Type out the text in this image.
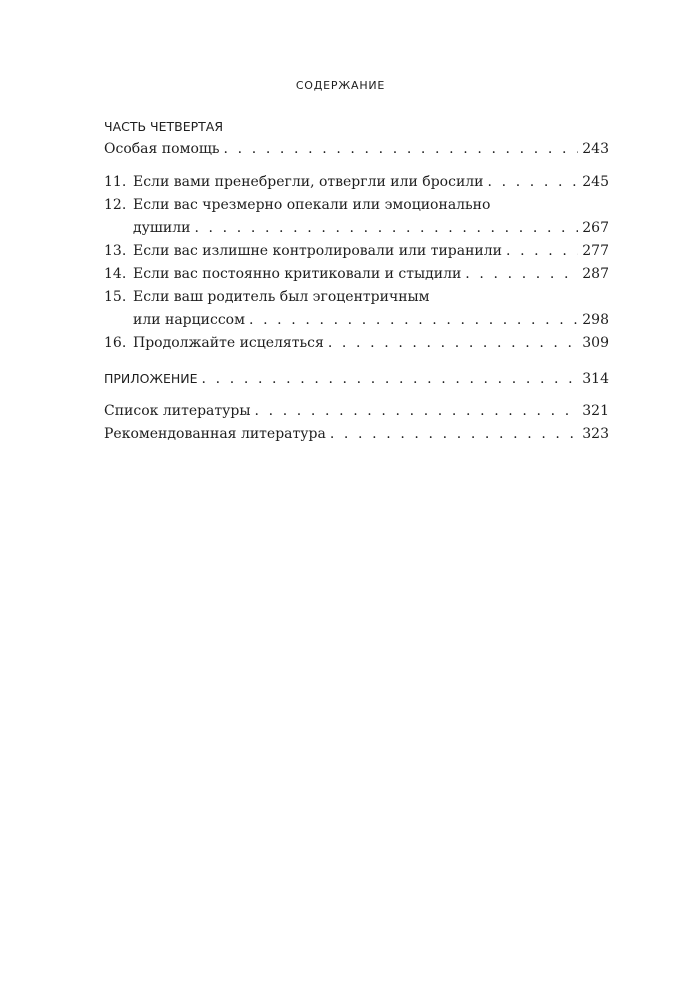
СОДЕРЖАНИЕ
ЧАСТЬ ЧЕТВЕРТАЯ
Особая помощь . . .	243
11. Если вами пренебрегли, отвергли или бросили . . .	245
12. Если вас чрезмерно опекали или эмоционально
душили . . .	267
13. Если вас излишне контролировали или тиранили . . .	277
14. Если вас постоянно критиковали и стыдили . . .	287
15. Если ваш родитель был эгоцентричным
или нарциссом . . .	298
16. Продолжайте исцеляться . . .	309
ПРИЛОЖЕНИЕ . . .	314
Список литературы . . .	321
Рекомендованная литература . . .	323
